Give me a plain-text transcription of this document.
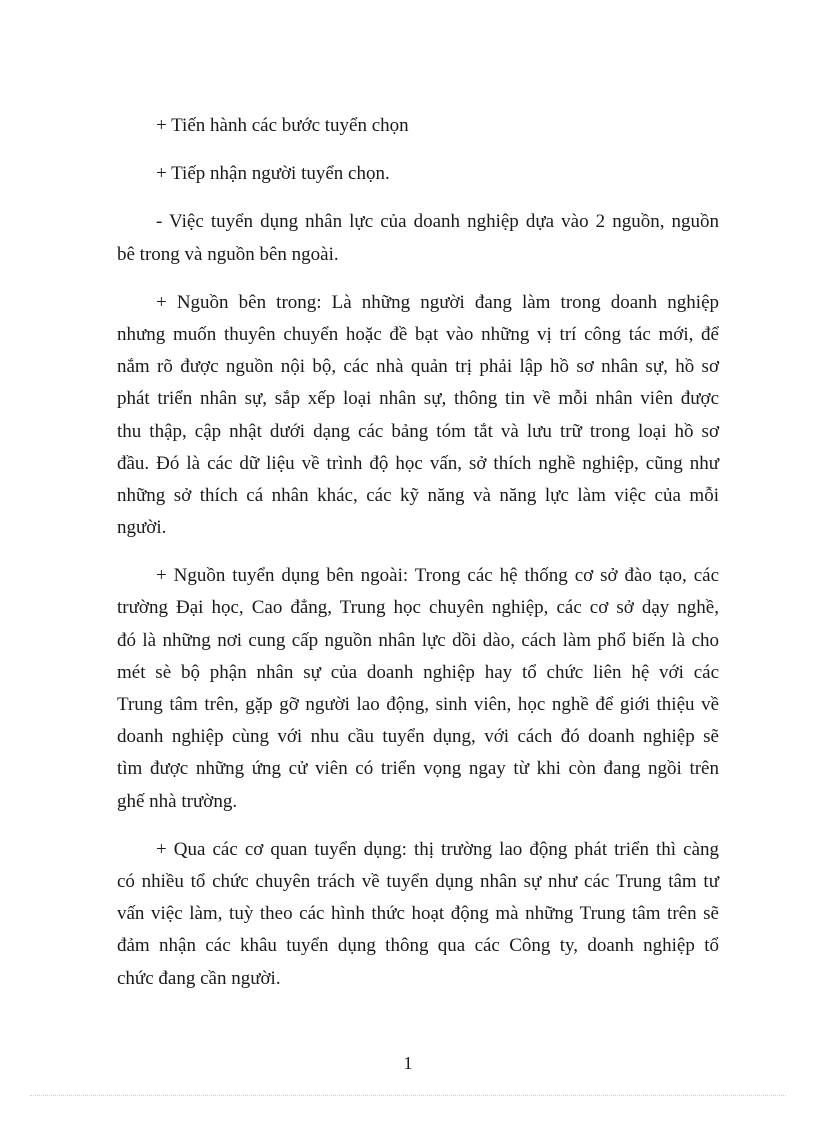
+ Tiến hành các bước tuyển chọn
+ Tiếp nhận người tuyển chọn.
- Việc tuyển dụng nhân lực của doanh nghiệp dựa vào 2 nguồn, nguồn
bê trong và nguồn bên ngoài.
+ Nguồn bên trong: Là những người đang làm trong doanh nghiệp
nhưng muốn thuyên chuyển hoặc đề bạt vào những vị trí công tác mới, để
nắm rõ được nguồn nội bộ, các nhà quản trị phải lập hồ sơ nhân sự, hồ sơ
phát triển nhân sự, sắp xếp loại nhân sự, thông tin về mỗi nhân viên được
thu thập, cập nhật dưới dạng các bảng tóm tắt và lưu trữ trong loại hồ sơ
đầu. Đó là các dữ liệu về trình độ học vấn, sở thích nghề nghiệp, cũng như
những sở thích cá nhân khác, các kỹ năng và năng lực làm việc của mỗi
người.
+ Nguồn tuyển dụng bên ngoài: Trong các hệ thống cơ sở đào tạo, các
trường Đại học, Cao đẳng, Trung học chuyên nghiệp, các cơ sở dạy nghề,
đó là những nơi cung cấp nguồn nhân lực dồi dào, cách làm phổ biến là cho
mét sè bộ phận nhân sự của doanh nghiệp hay tổ chức liên hệ với các
Trung tâm trên, gặp gỡ người lao động, sinh viên, học nghề để giới thiệu về
doanh nghiệp cùng với nhu cầu tuyển dụng, với cách đó doanh nghiệp sẽ
tìm được những ứng cử viên có triển vọng ngay từ khi còn đang ngồi trên
ghế nhà trường.
+ Qua các cơ quan tuyển dụng: thị trường lao động phát triển thì càng
có nhiều tổ chức chuyên trách về tuyển dụng nhân sự như các Trung tâm tư
vấn việc làm, tuỳ theo các hình thức hoạt động mà những Trung tâm trên sẽ
đảm nhận các khâu tuyển dụng thông qua các Công ty, doanh nghiệp tổ
chức đang cần người.
1
